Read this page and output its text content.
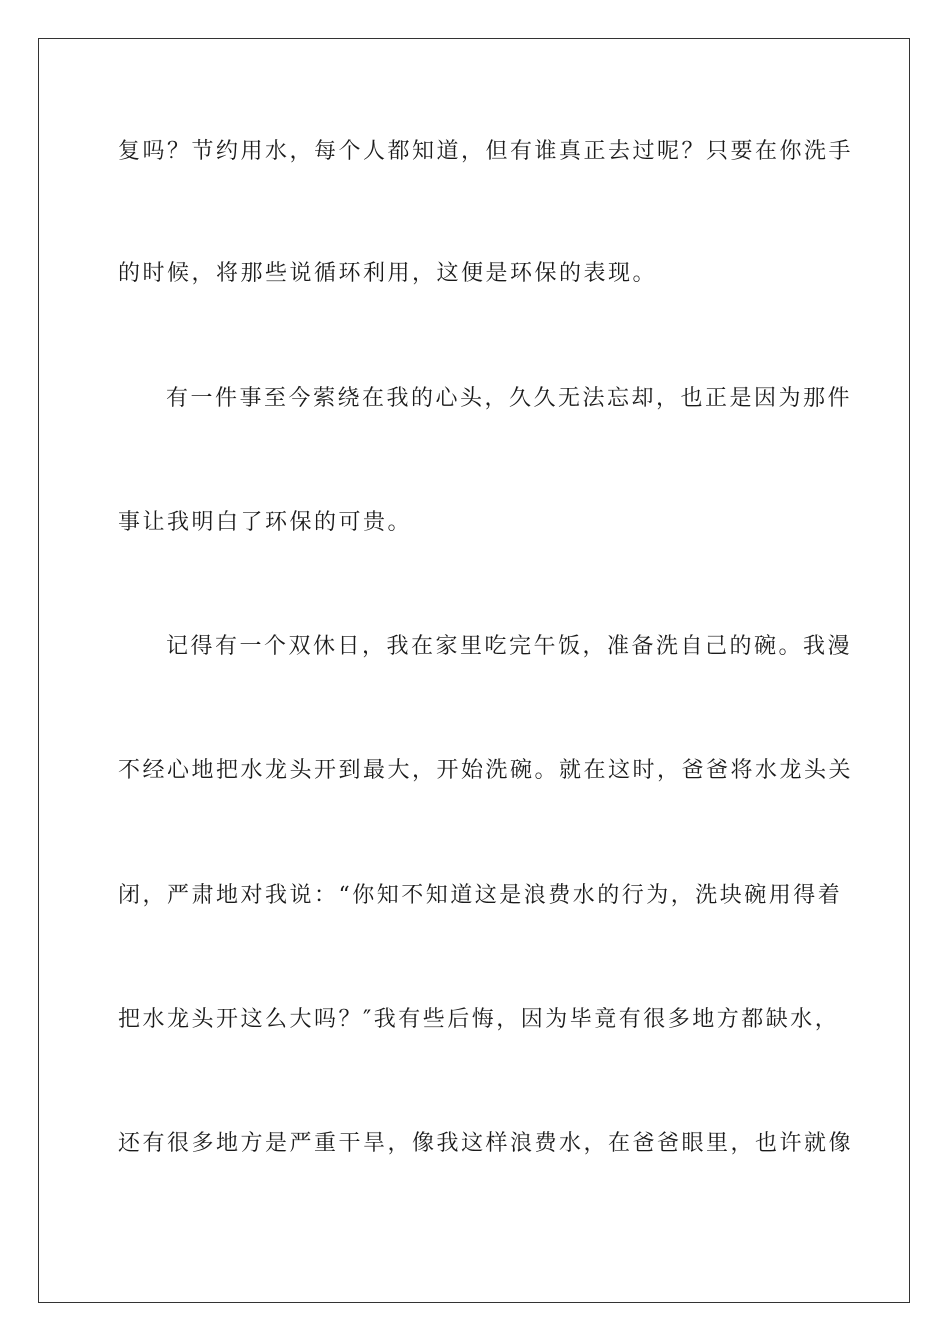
复吗？节约用水，每个人都知道，但有谁真正去过呢？只要在你洗手
的时候，将那些说循环利用，这便是环保的表现。
有一件事至今萦绕在我的心头，久久无法忘却，也正是因为那件
事让我明白了环保的可贵。
记得有一个双休日，我在家里吃完午饭，准备洗自己的碗。我漫
不经心地把水龙头开到最大，开始洗碗。就在这时，爸爸将水龙头关
闭，严肃地对我说：“你知不知道这是浪费水的行为，洗块碗用得着
把水龙头开这么大吗？″我有些后悔，因为毕竟有很多地方都缺水，
还有很多地方是严重干旱，像我这样浪费水，在爸爸眼里，也许就像
